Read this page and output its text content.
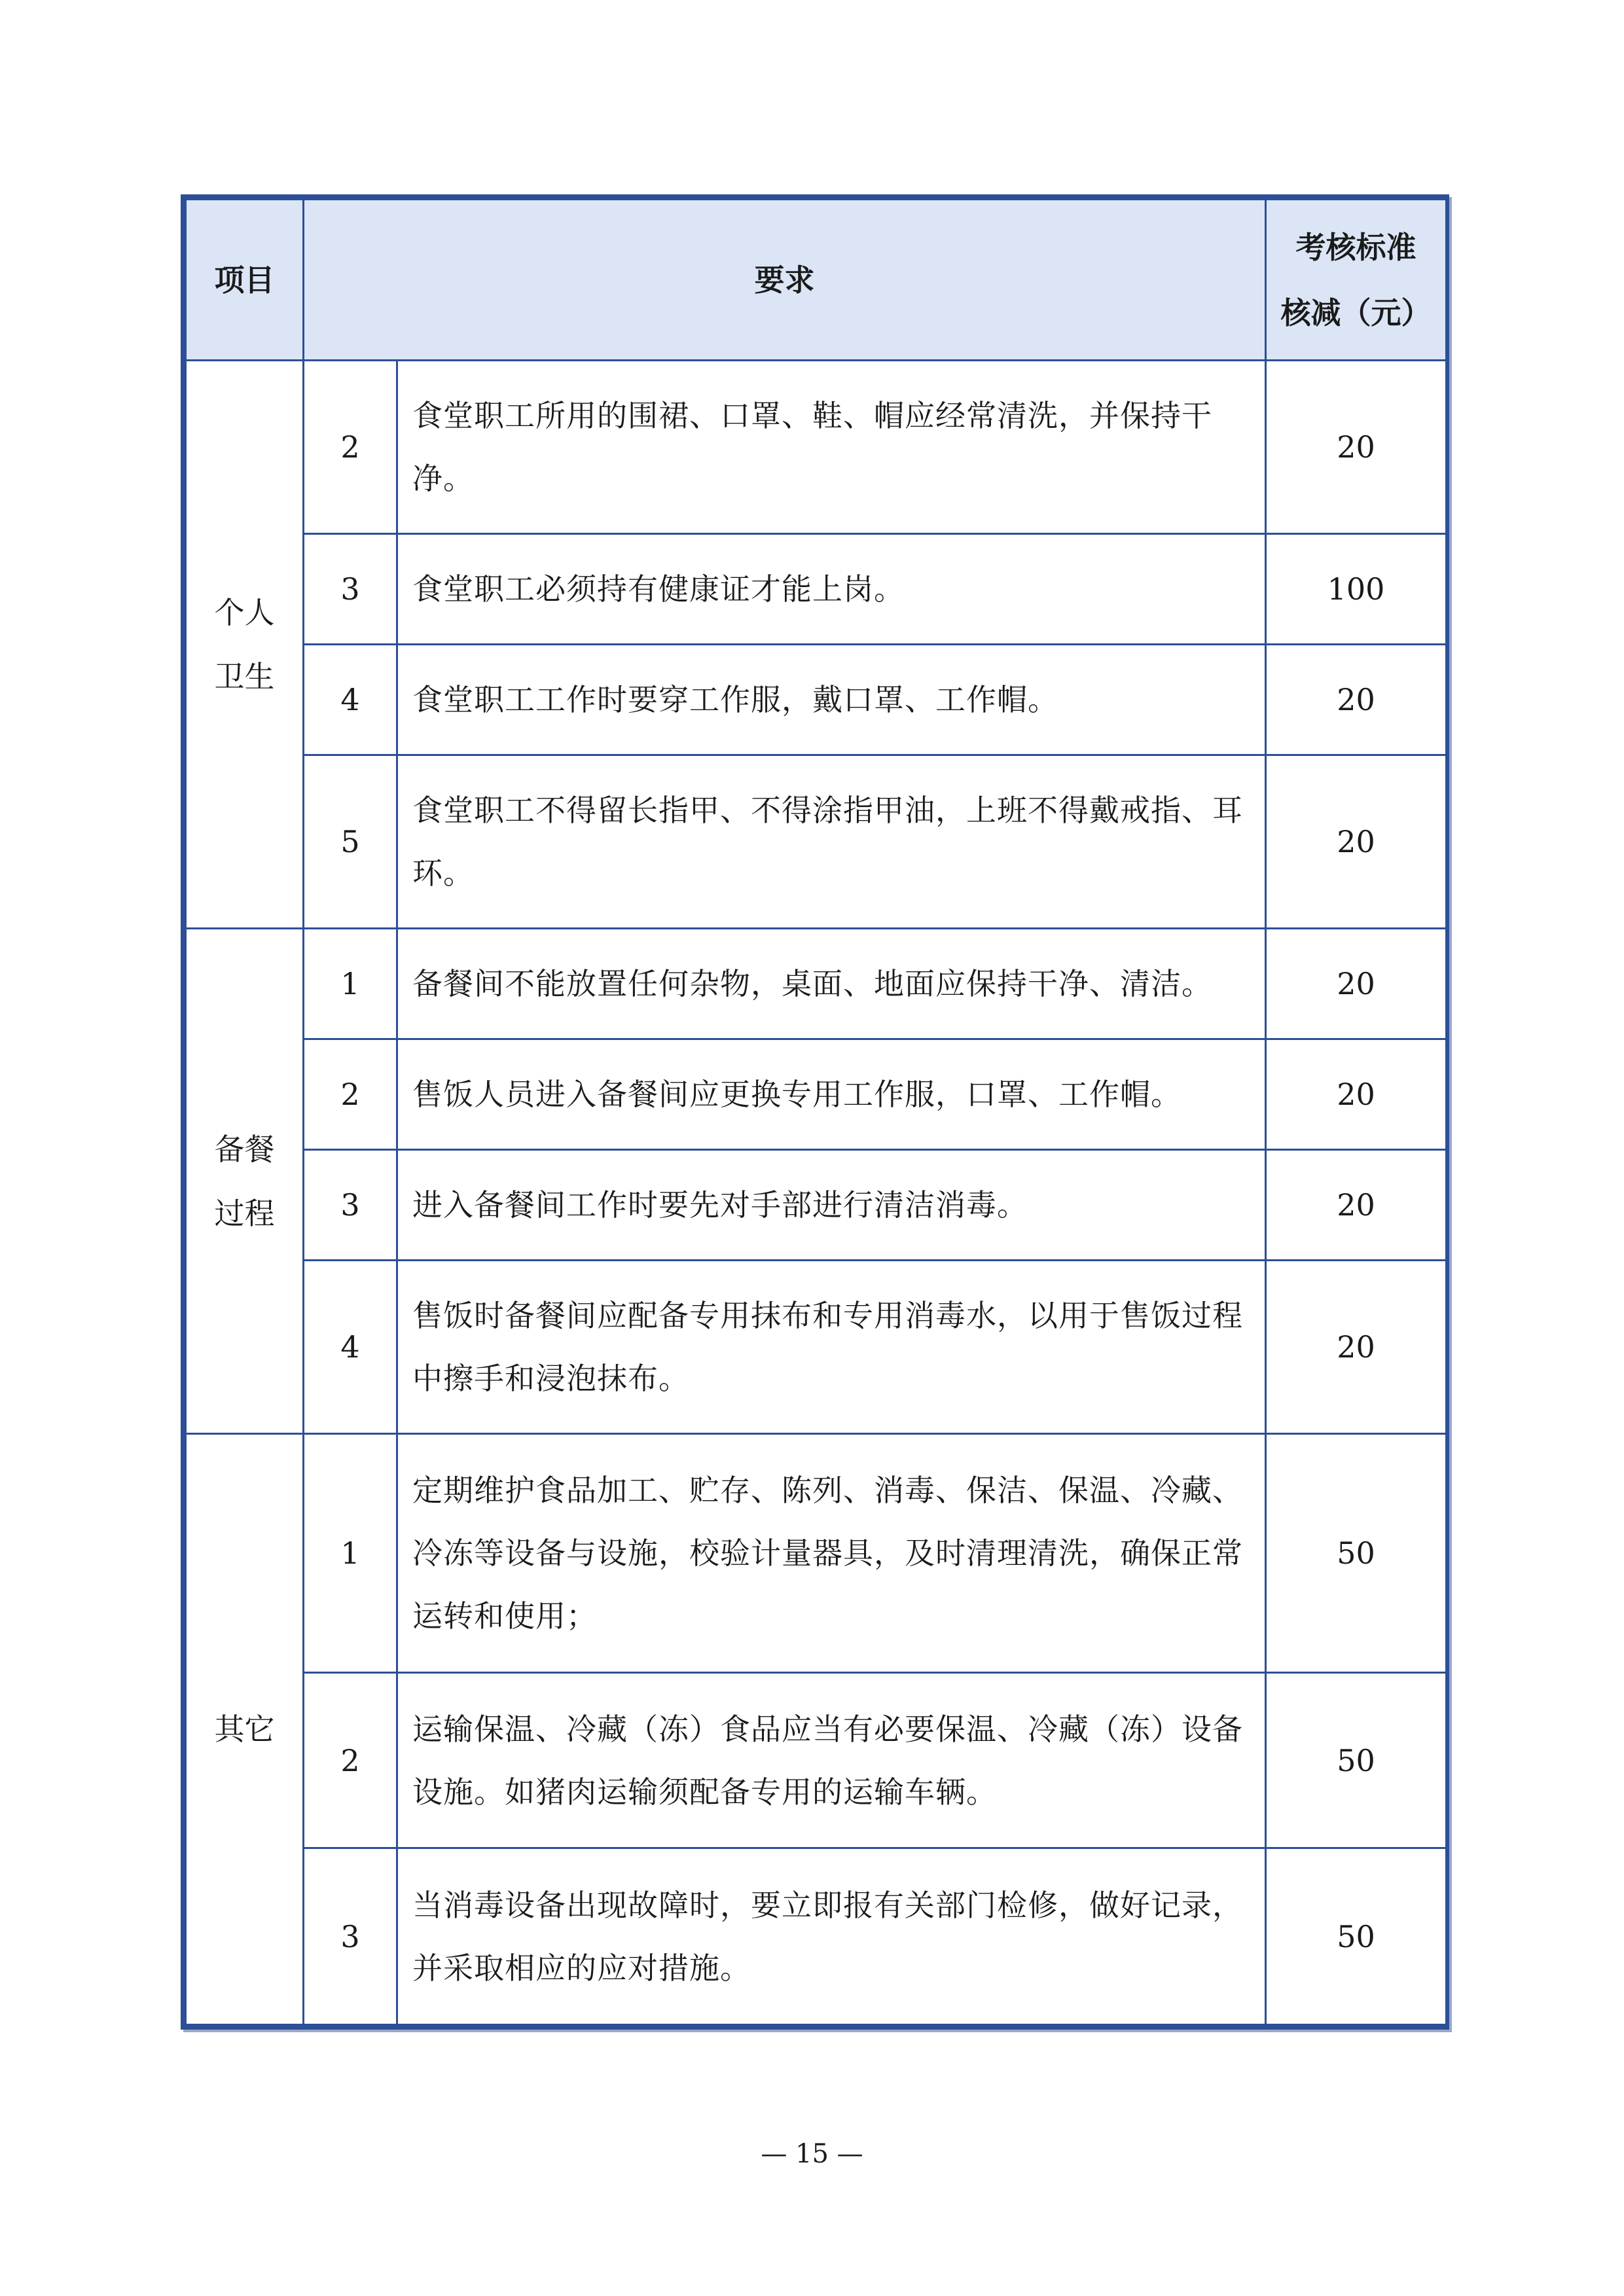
项目	要求		考核标准
核减（元）

个人卫生	2	食堂职工所用的围裙、口罩、鞋、帽应经常清洗，并保持干净。	20
	3	食堂职工必须持有健康证才能上岗。	100
	4	食堂职工工作时要穿工作服，戴口罩、工作帽。	20
	5	食堂职工不得留长指甲、不得涂指甲油，上班不得戴戒指、耳环。	20
备餐过程	1	备餐间不能放置任何杂物，桌面、地面应保持干净、清洁。	20
	2	售饭人员进入备餐间应更换专用工作服，口罩、工作帽。	20
	3	进入备餐间工作时要先对手部进行清洁消毒。	20
	4	售饭时备餐间应配备专用抹布和专用消毒水，以用于售饭过程中擦手和浸泡抹布。	20
其它	1	定期维护食品加工、贮存、陈列、消毒、保洁、保温、冷藏、冷冻等设备与设施，校验计量器具，及时清理清洗，确保正常运转和使用；	50
	2	运输保温、冷藏（冻）食品应当有必要保温、冷藏（冻）设备设施。如猪肉运输须配备专用的运输车辆。	50
	3	当消毒设备出现故障时，要立即报有关部门检修，做好记录，并采取相应的应对措施。	50
— 15 —
